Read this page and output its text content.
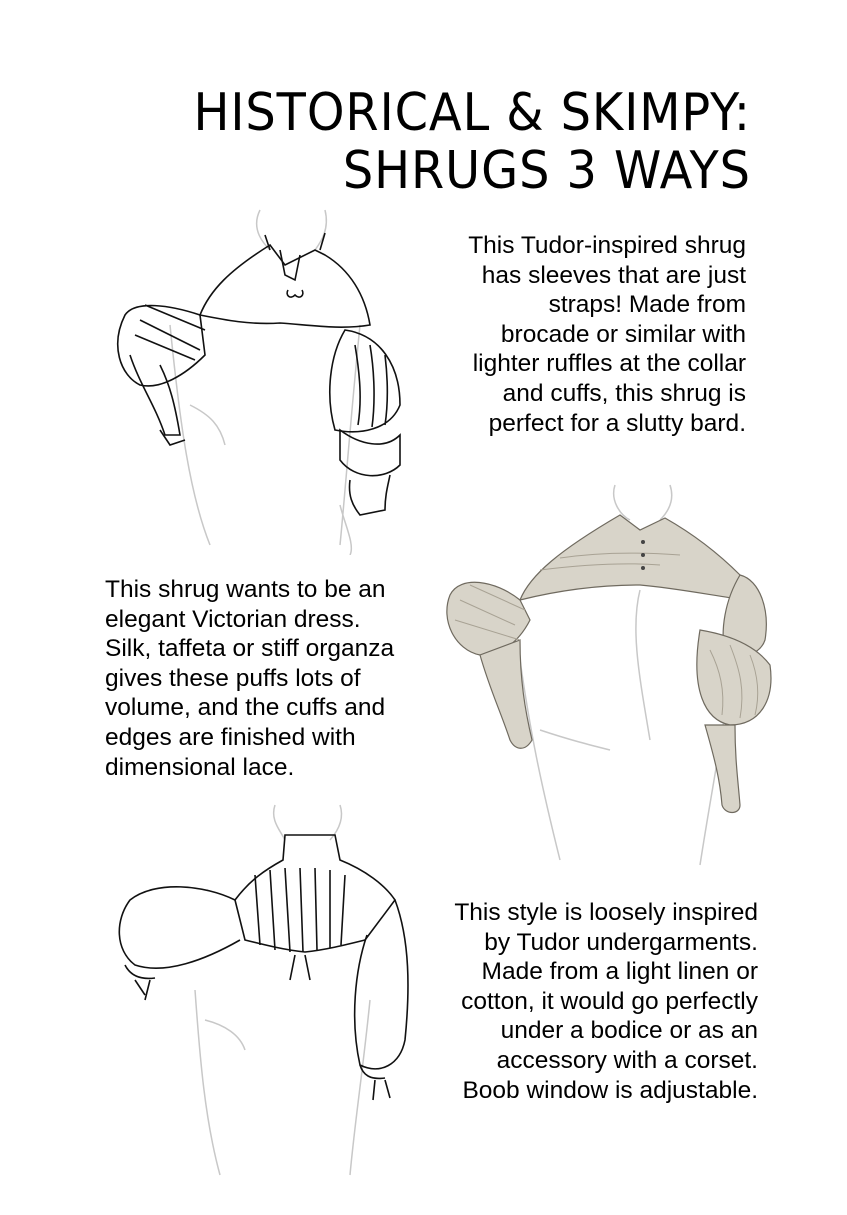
HISTORICAL & SKIMPY:
SHRUGS 3 WAYS

This Tudor-inspired shrug
has sleeves that are just
straps! Made from
brocade or similar with
lighter ruffles at the collar
and cuffs, this shrug is
perfect for a slutty bard.

This shrug wants to be an
elegant Victorian dress.
Silk, taffeta or stiff organza
gives these puffs lots of
volume, and the cuffs and
edges are finished with
dimensional lace.

This style is loosely inspired
by Tudor undergarments.
Made from a light linen or
cotton, it would go perfectly
under a bodice or as an
accessory with a corset.
Boob window is adjustable.
